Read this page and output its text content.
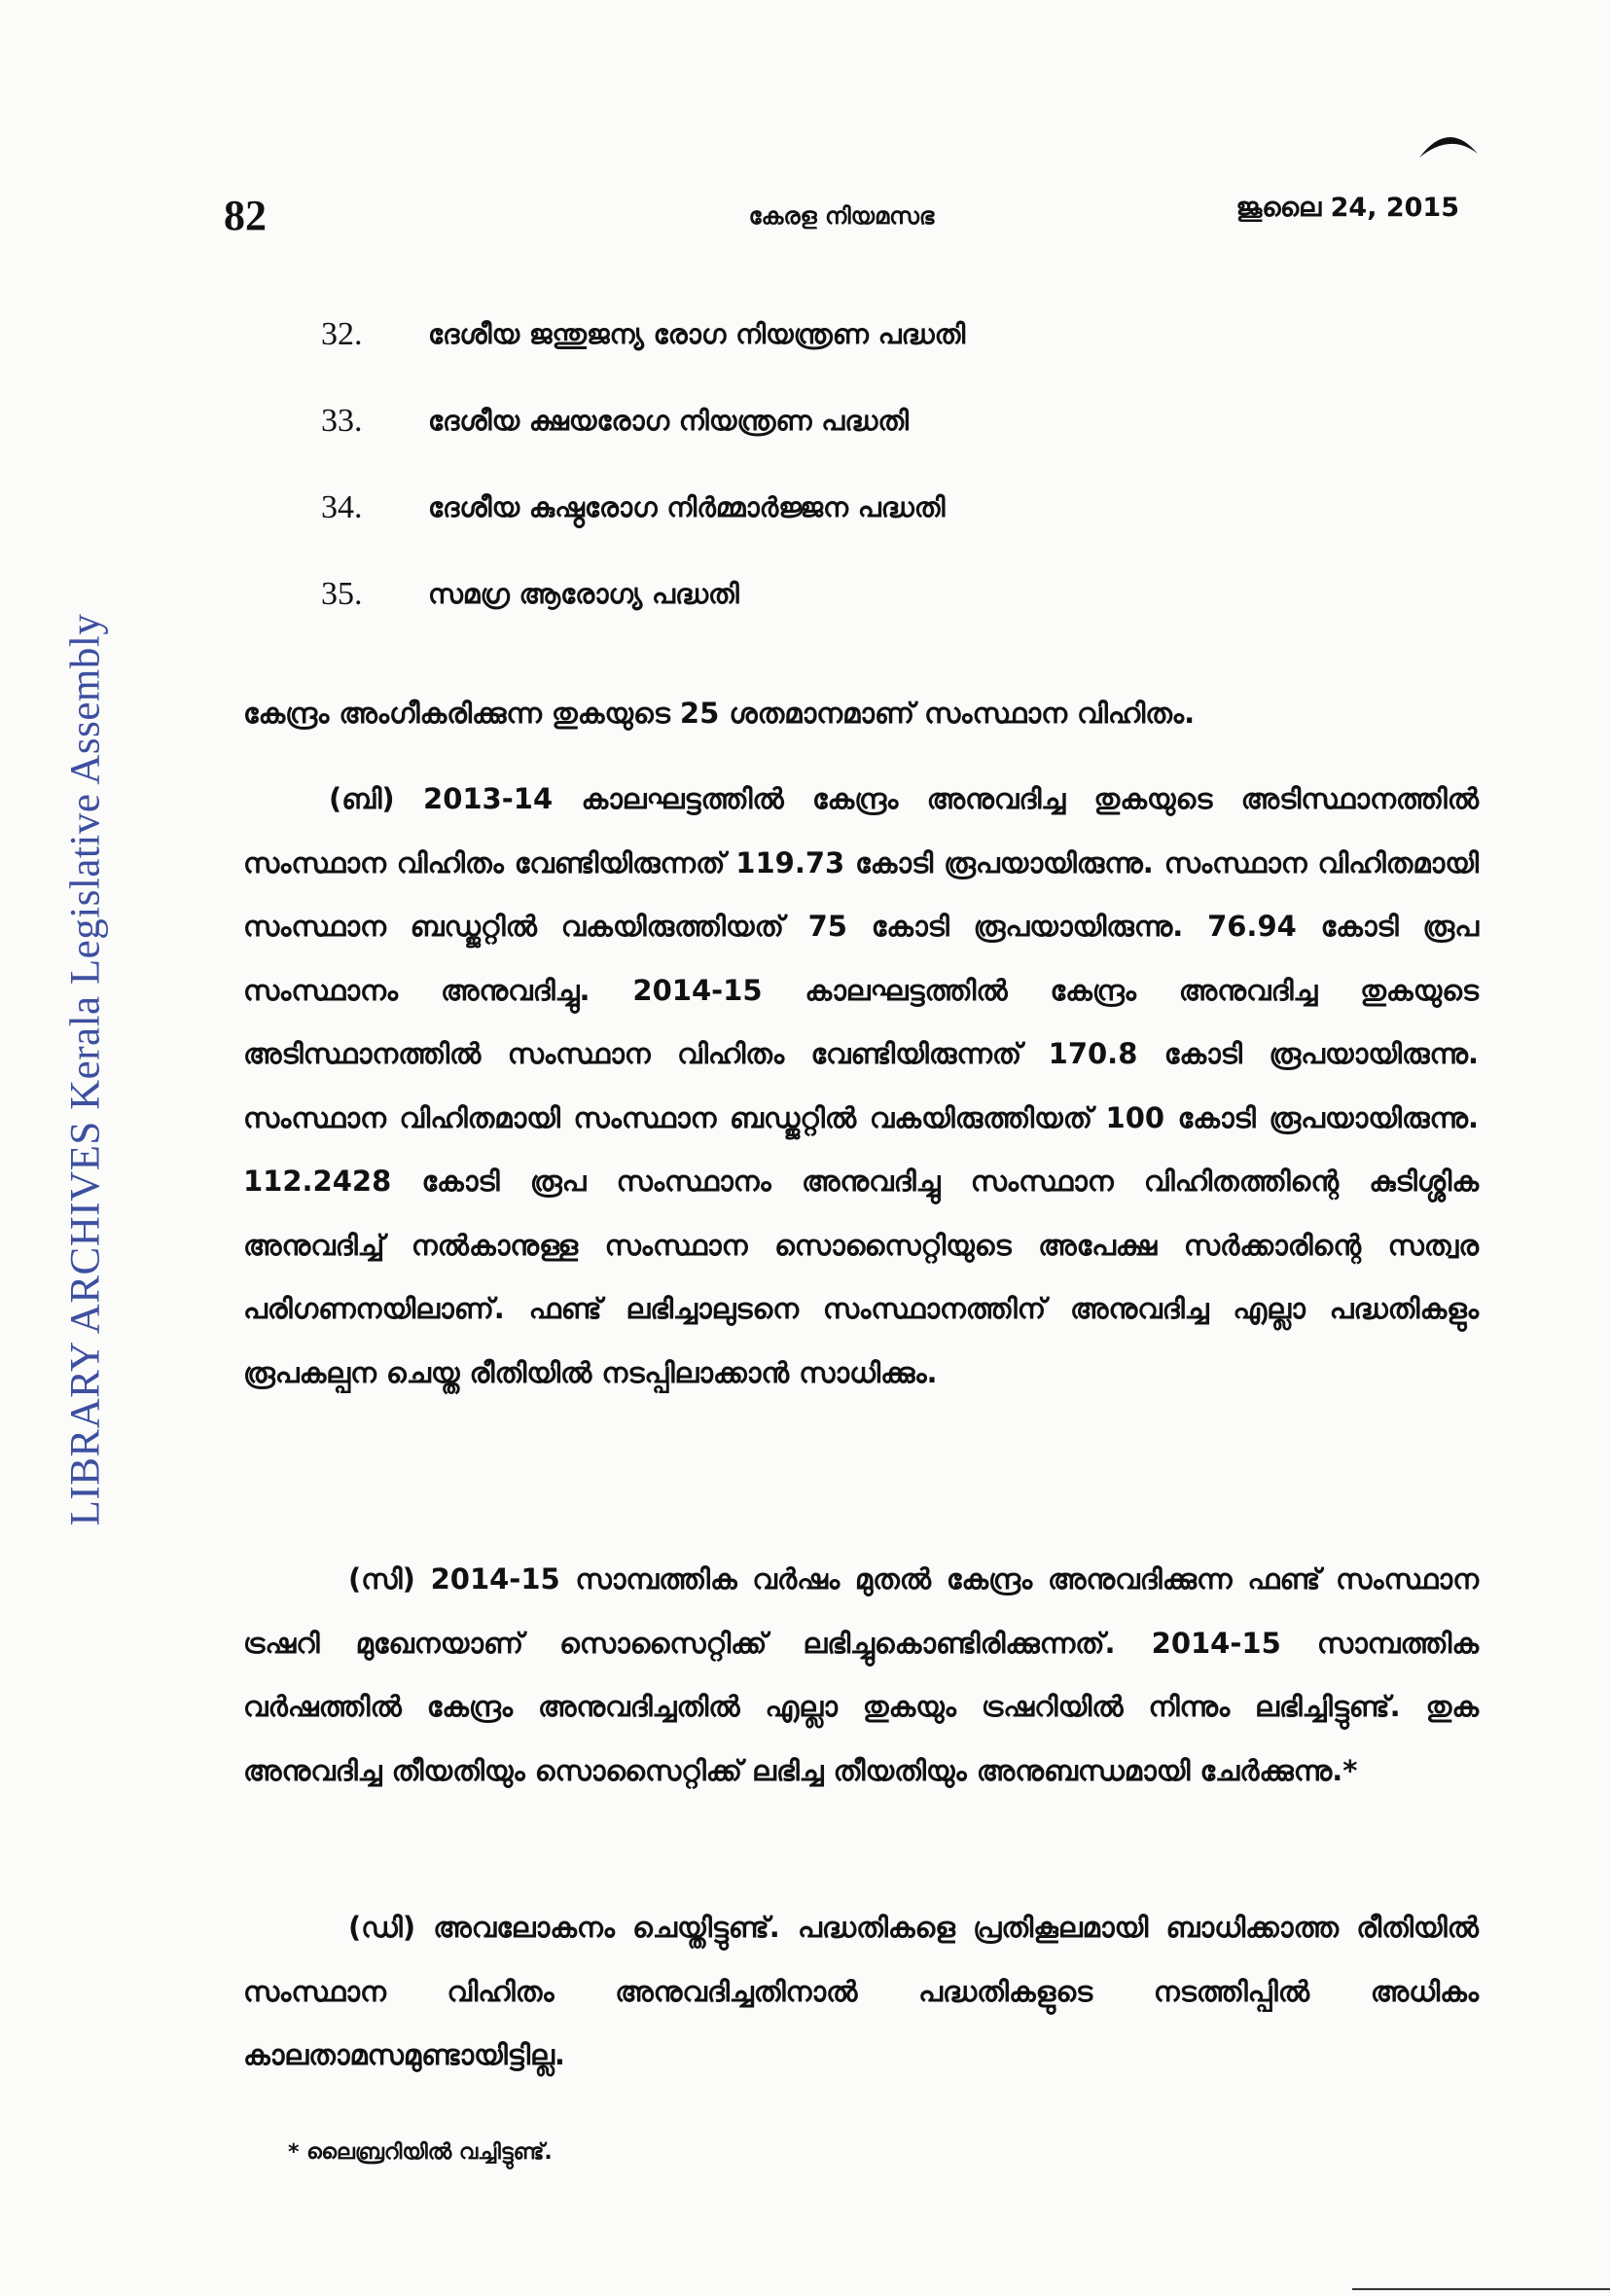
82	കേരള നിയമസഭ	ജൂലൈ 24, 2015
LIBRARY ARCHIVES Kerala Legislative Assembly
32.	ദേശീയ ജന്തുജന്യ രോഗ നിയന്ത്രണ പദ്ധതി
33.	ദേശീയ ക്ഷയരോഗ നിയന്ത്രണ പദ്ധതി
34.	ദേശീയ കുഷ്ഠരോഗ നിർമ്മാർജ്ജന പദ്ധതി
35.	സമഗ്ര ആരോഗ്യ പദ്ധതി

കേന്ദ്രം അംഗീകരിക്കുന്ന തുകയുടെ 25 ശതമാനമാണ് സംസ്ഥാന വിഹിതം.

(ബി) 2013-14 കാലഘട്ടത്തിൽ കേന്ദ്രം അനുവദിച്ച തുകയുടെ അടിസ്ഥാനത്തിൽ സംസ്ഥാന വിഹിതം വേണ്ടിയിരുന്നത് 119.73 കോടി രൂപയായിരുന്നു. സംസ്ഥാന വിഹിതമായി സംസ്ഥാന ബഡ്ജറ്റിൽ വകയിരുത്തിയത് 75 കോടി രൂപയായിരുന്നു. 76.94 കോടി രൂപ സംസ്ഥാനം അനുവദിച്ചു. 2014-15 കാലഘട്ടത്തിൽ കേന്ദ്രം അനുവദിച്ച തുകയുടെ അടിസ്ഥാനത്തിൽ സംസ്ഥാന വിഹിതം വേണ്ടിയിരുന്നത് 170.8 കോടി രൂപയായിരുന്നു. സംസ്ഥാന വിഹിതമായി സംസ്ഥാന ബഡ്ജറ്റിൽ വകയിരുത്തിയത് 100 കോടി രൂപയായിരുന്നു. 112.2428 കോടി രൂപ സംസ്ഥാനം അനുവദിച്ചു സംസ്ഥാന വിഹിതത്തിന്റെ കുടിശ്ശിക അനുവദിച്ച് നൽകാനുള്ള സംസ്ഥാന സൊസൈറ്റിയുടെ അപേക്ഷ സർക്കാരിന്റെ സത്വര പരിഗണനയിലാണ്. ഫണ്ട് ലഭിച്ചാലുടനെ സംസ്ഥാനത്തിന് അനുവദിച്ച എല്ലാ പദ്ധതികളും രൂപകല്പന ചെയ്ത രീതിയിൽ നടപ്പിലാക്കാൻ സാധിക്കും.

(സി) 2014-15 സാമ്പത്തിക വർഷം മുതൽ കേന്ദ്രം അനുവദിക്കുന്ന ഫണ്ട് സംസ്ഥാന ട്രഷറി മുഖേനയാണ് സൊസൈറ്റിക്ക് ലഭിച്ചുകൊണ്ടിരിക്കുന്നത്. 2014-15 സാമ്പത്തിക വർഷത്തിൽ കേന്ദ്രം അനുവദിച്ചതിൽ എല്ലാ തുകയും ട്രഷറിയിൽ നിന്നും ലഭിച്ചിട്ടുണ്ട്. തുക അനുവദിച്ച തീയതിയും സൊസൈറ്റിക്ക് ലഭിച്ച തീയതിയും അനുബന്ധമായി ചേർക്കുന്നു.*

(ഡി) അവലോകനം ചെയ്തിട്ടുണ്ട്. പദ്ധതികളെ പ്രതികൂലമായി ബാധിക്കാത്ത രീതിയിൽ സംസ്ഥാന വിഹിതം അനുവദിച്ചതിനാൽ പദ്ധതികളുടെ നടത്തിപ്പിൽ അധികം കാലതാമസമുണ്ടായിട്ടില്ല.

* ലൈബ്രറിയിൽ വച്ചിട്ടുണ്ട്.
